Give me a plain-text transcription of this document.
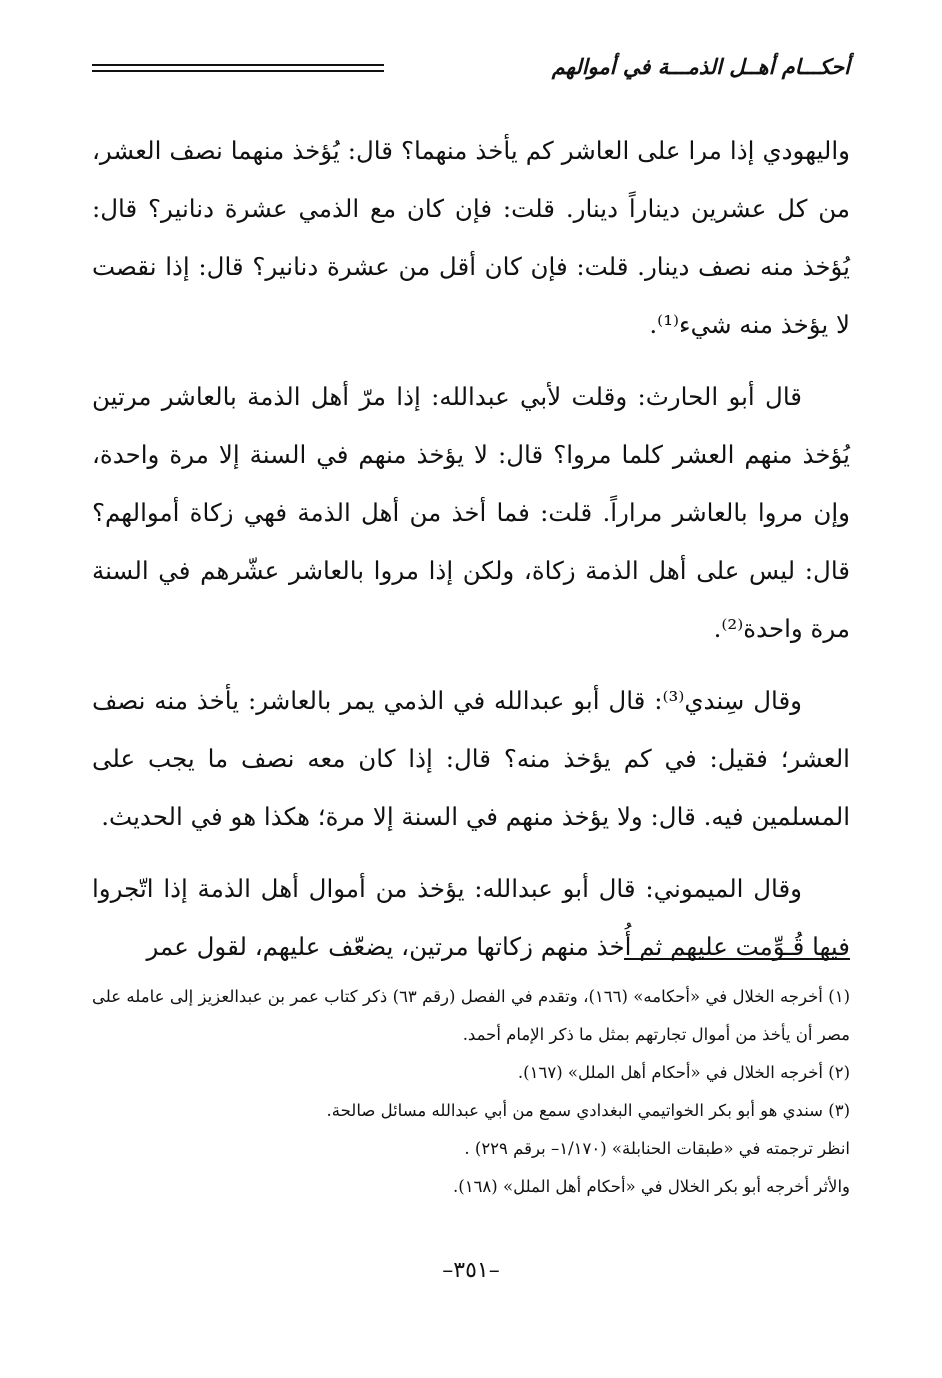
أحكـــام أهــل الذمـــة في أموالهم

واليهودي إذا مرا على العاشر كم يأخذ منهما؟ قال: يُؤخذ منهما نصف العشر، من كل عشرين ديناراً دينار. قلت: فإن كان مع الذمي عشرة دنانير؟ قال: يُؤخذ منه نصف دينار. قلت: فإن كان أقل من عشرة دنانير؟ قال: إذا نقصت لا يؤخذ منه شيء⁽¹⁾.

قال أبو الحارث: وقلت لأبي عبدالله: إذا مرّ أهل الذمة بالعاشر مرتين يُؤخذ منهم العشر كلما مروا؟ قال: لا يؤخذ منهم في السنة إلا مرة واحدة، وإن مروا بالعاشر مراراً. قلت: فما أخذ من أهل الذمة فهي زكاة أموالهم؟ قال: ليس على أهل الذمة زكاة، ولكن إذا مروا بالعاشر عشّرهم في السنة مرة واحدة⁽²⁾.

وقال سِندي⁽³⁾: قال أبو عبدالله في الذمي يمر بالعاشر: يأخذ منه نصف العشر؛ فقيل: في كم يؤخذ منه؟ قال: إذا كان معه نصف ما يجب على المسلمين فيه. قال: ولا يؤخذ منهم في السنة إلا مرة؛ هكذا هو في الحديث.

وقال الميموني: قال أبو عبدالله: يؤخذ من أموال أهل الذمة إذا اتّجروا فيها قُـوِّمت عليهم ثم أُخذ منهم زكاتها مرتين، يضعّف عليهم، لقول عمر

(١) أخرجه الخلال في «أحكامه» (١٦٦)، وتقدم في الفصل (رقم ٦٣) ذكر كتاب عمر بن عبدالعزيز إلى عامله على مصر أن يأخذ من أموال تجارتهم بمثل ما ذكر الإمام أحمد.

(٢) أخرجه الخلال في «أحكام أهل الملل» (١٦٧).

(٣) سندي هو أبو بكر الخواتيمي البغدادي سمع من أبي عبدالله مسائل صالحة.

انظر ترجمته في «طبقات الحنابلة» (١/١٧٠– برقم ٢٢٩) .

والأثر أخرجه أبو بكر الخلال في «أحكام أهل الملل» (١٦٨).

–٣٥١–
